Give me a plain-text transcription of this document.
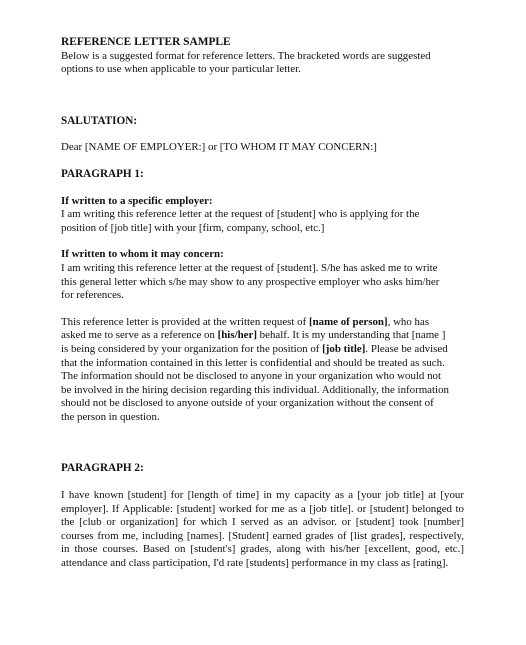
REFERENCE LETTER SAMPLE
Below is a suggested format for reference letters. The bracketed words are suggested
options to use when applicable to your particular letter.
SALUTATION:
Dear [NAME OF EMPLOYER:] or [TO WHOM IT MAY CONCERN:]
PARAGRAPH 1:
If written to a specific employer:
I am writing this reference letter at the request of [student] who is applying for the
position of [job title] with your [firm, company, school, etc.]
If written to whom it may concern:
I am writing this reference letter at the request of [student]. S/he has asked me to write
this general letter which s/he may show to any prospective employer who asks him/her
for references.
This reference letter is provided at the written request of [name of person], who has
asked me to serve as a reference on [his/her] behalf. It is my understanding that [name ]
is being considered by your organization for the position of [job title]. Please be advised
that the information contained in this letter is confidential and should be treated as such.
The information should not be disclosed to anyone in your organization who would not
be involved in the hiring decision regarding this individual. Additionally, the information
should not be disclosed to anyone outside of your organization without the consent of
the person in question.
PARAGRAPH 2:
I have known [student] for [length of time] in my capacity as a [your job title] at [your
employer]. If Applicable: [student] worked for me as a [job title]. or [student] belonged to
the [club or organization] for which I served as an advisor. or [student] took [number]
courses from me, including [names]. [Student] earned grades of [list grades], respectively,
in those courses. Based on [student's] grades, along with his/her [excellent, good, etc.]
attendance and class participation, I'd rate [students] performance in my class as [rating].
